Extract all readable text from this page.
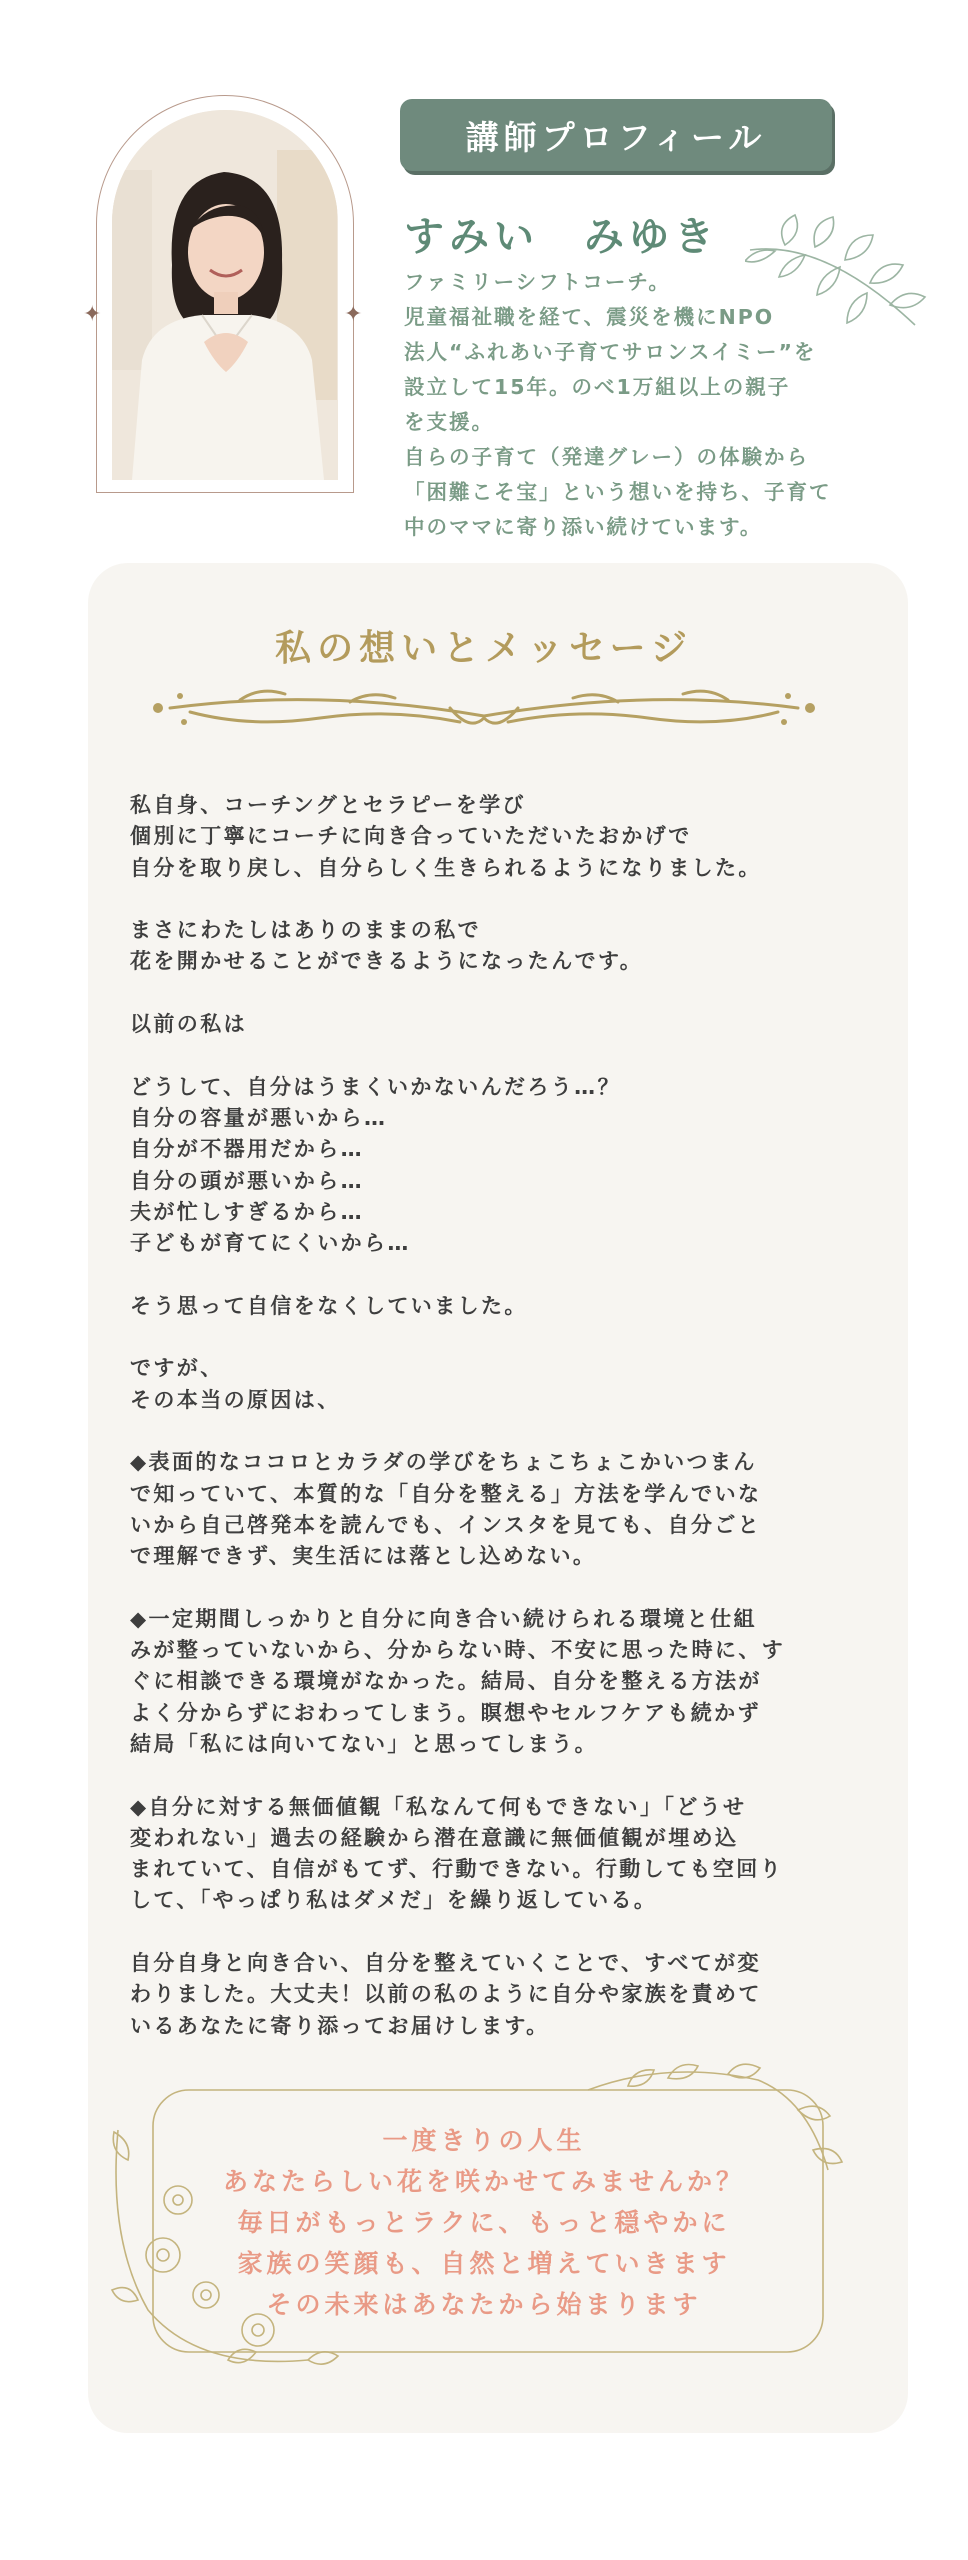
✦	✦
講師プロフィール
すみい　みゆき
ファミリーシフトコーチ。
児童福祉職を経て、震災を機にNPO
法人“ふれあい子育てサロンスイミー”を
設立して15年。のべ1万組以上の親子
を支援。
自らの子育て（発達グレー）の体験から
「困難こそ宝」という想いを持ち、子育て
中のママに寄り添い続けています。
私の想いとメッセージ

私自身、コーチングとセラピーを学び
個別に丁寧にコーチに向き合っていただいたおかげで
自分を取り戻し、自分らしく生きられるようになりました。

まさにわたしはありのままの私で
花を開かせることができるようになったんです。

以前の私は

どうして、自分はうまくいかないんだろう…？
自分の容量が悪いから…
自分が不器用だから…
自分の頭が悪いから…
夫が忙しすぎるから…
子どもが育てにくいから…

そう思って自信をなくしていました。

ですが、
その本当の原因は、

◆表面的なココロとカラダの学びをちょこちょこかいつまん
で知っていて、本質的な「自分を整える」方法を学んでいな
いから自己啓発本を読んでも、インスタを見ても、自分ごと
で理解できず、実生活には落とし込めない。

◆一定期間しっかりと自分に向き合い続けられる環境と仕組
みが整っていないから、分からない時、不安に思った時に、す
ぐに相談できる環境がなかった。結局、自分を整える方法が
よく分からずにおわってしまう。瞑想やセルフケアも続かず
結局「私には向いてない」と思ってしまう。

◆自分に対する無価値観「私なんて何もできない」「どうせ
変われない」過去の経験から潜在意識に無価値観が埋め込
まれていて、自信がもてず、行動できない。行動しても空回り
して、「やっぱり私はダメだ」を繰り返している。

自分自身と向き合い、自分を整えていくことで、すべてが変
わりました。大丈夫！以前の私のように自分や家族を責めて
いるあなたに寄り添ってお届けします。

一度きりの人生
あなたらしい花を咲かせてみませんか？
毎日がもっとラクに、もっと穏やかに
家族の笑顔も、自然と増えていきます
その未来はあなたから始まります
